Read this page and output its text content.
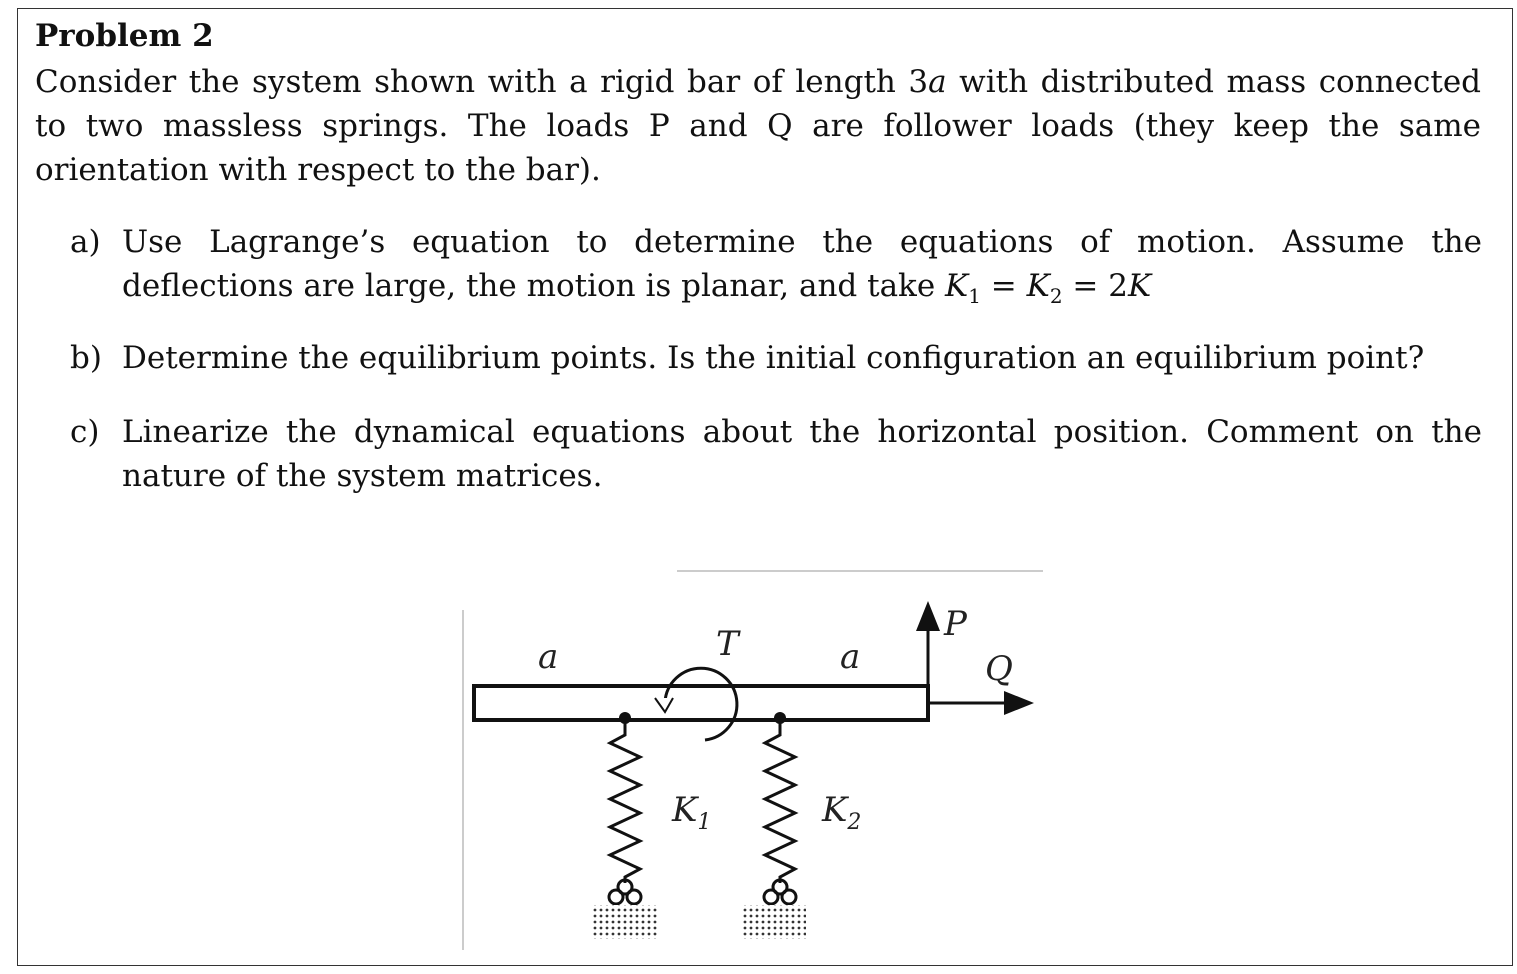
Problem 2

Consider the system shown with a rigid bar of length 3a with distributed mass connected to two massless springs. The loads P and Q are follower loads (they keep the same orientation with respect to the bar).

a) Use Lagrange’s equation to determine the equations of motion. Assume the deflections are large, the motion is planar, and take $K_1 = K_2 = 2K$
b) Determine the equilibrium points. Is the initial configuration an equilibrium point?
c) Linearize the dynamical equations about the horizontal position. Comment on the nature of the system matrices.
a	a
T	P
Q
$K_1$	$K_2$
